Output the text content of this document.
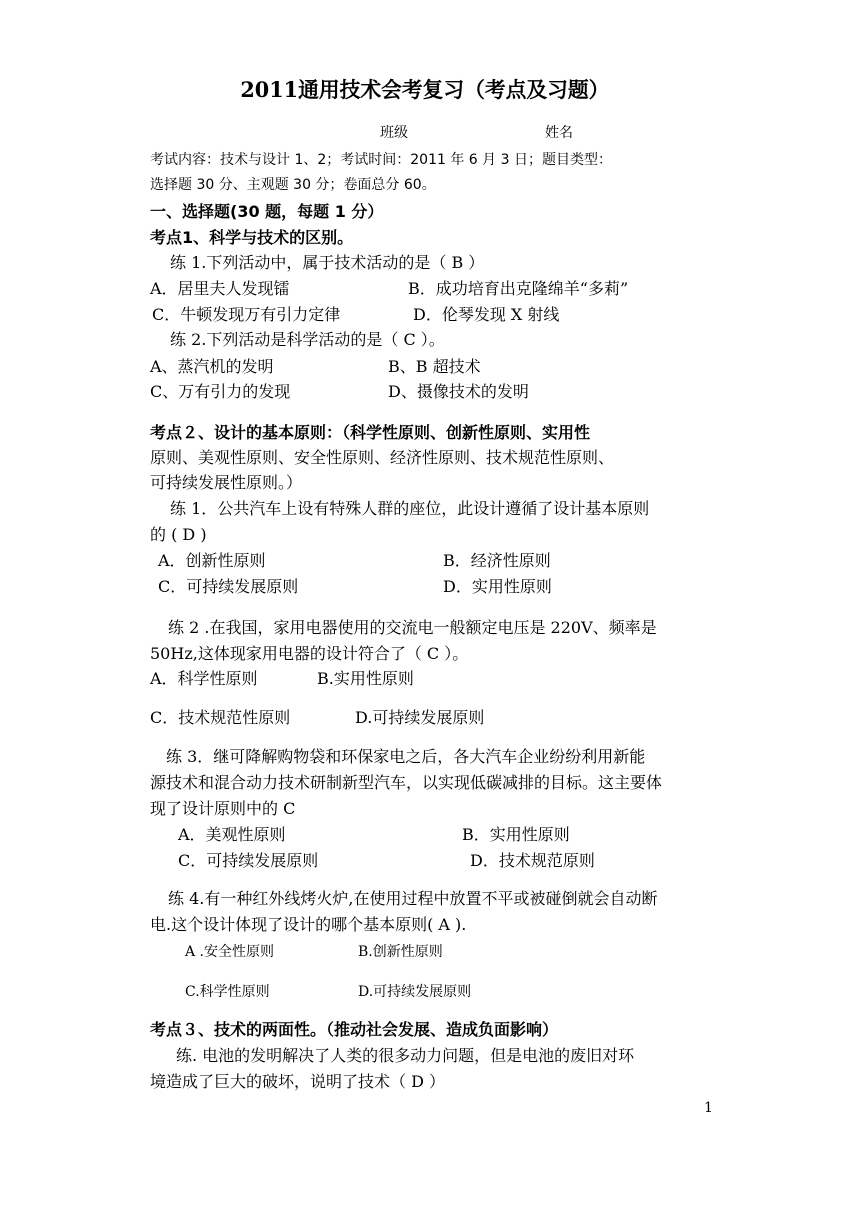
2011通用技术会考复习（考点及习题）
班级	姓名
考试内容：技术与设计 1、2；考试时间：2011 年 6 月 3 日；题目类型：
选择题 30 分、主观题 30 分；卷面总分 60。
一、选择题(30 题，每题 1 分）
考点1、科学与技术的区别。
练 1.下列活动中，属于技术活动的是（ B ）
A．居里夫人发现镭	B．成功培育出克隆绵羊“多莉”
C．牛顿发现万有引力定律	D．伦琴发现 X 射线
练 2.下列活动是科学活动的是（ C ）。
A、蒸汽机的发明	B、B 超技术
C、万有引力的发现	D、摄像技术的发明
考点２、设计的基本原则：（科学性原则、创新性原则、实用性
原则、美观性原则、安全性原则、经济性原则、技术规范性原则、
可持续发展性原则。）
练 1．公共汽车上设有特殊人群的座位，此设计遵循了设计基本原则
的 ( D )
A．创新性原则	B．经济性原则
C．可持续发展原则	D．实用性原则
练 2 .在我国，家用电器使用的交流电一般额定电压是 220V、频率是
50Hz,这体现家用电器的设计符合了（ C ）。
A．科学性原则	B.实用性原则
C．技术规范性原则	D.可持续发展原则
练 3．继可降解购物袋和环保家电之后，各大汽车企业纷纷利用新能
源技术和混合动力技术研制新型汽车，以实现低碳减排的目标。这主要体
现了设计原则中的 C
A．美观性原则	B．实用性原则
C．可持续发展原则	D．技术规范原则
练 4.有一种红外线烤火炉,在使用过程中放置不平或被碰倒就会自动断
电.这个设计体现了设计的哪个基本原则( A ).
A .安全性原则	B.创新性原则
C.科学性原则	D.可持续发展原则
考点３、技术的两面性。（推动社会发展、造成负面影响）
练. 电池的发明解决了人类的很多动力问题，但是电池的废旧对环
境造成了巨大的破坏，说明了技术（ D ）
1
